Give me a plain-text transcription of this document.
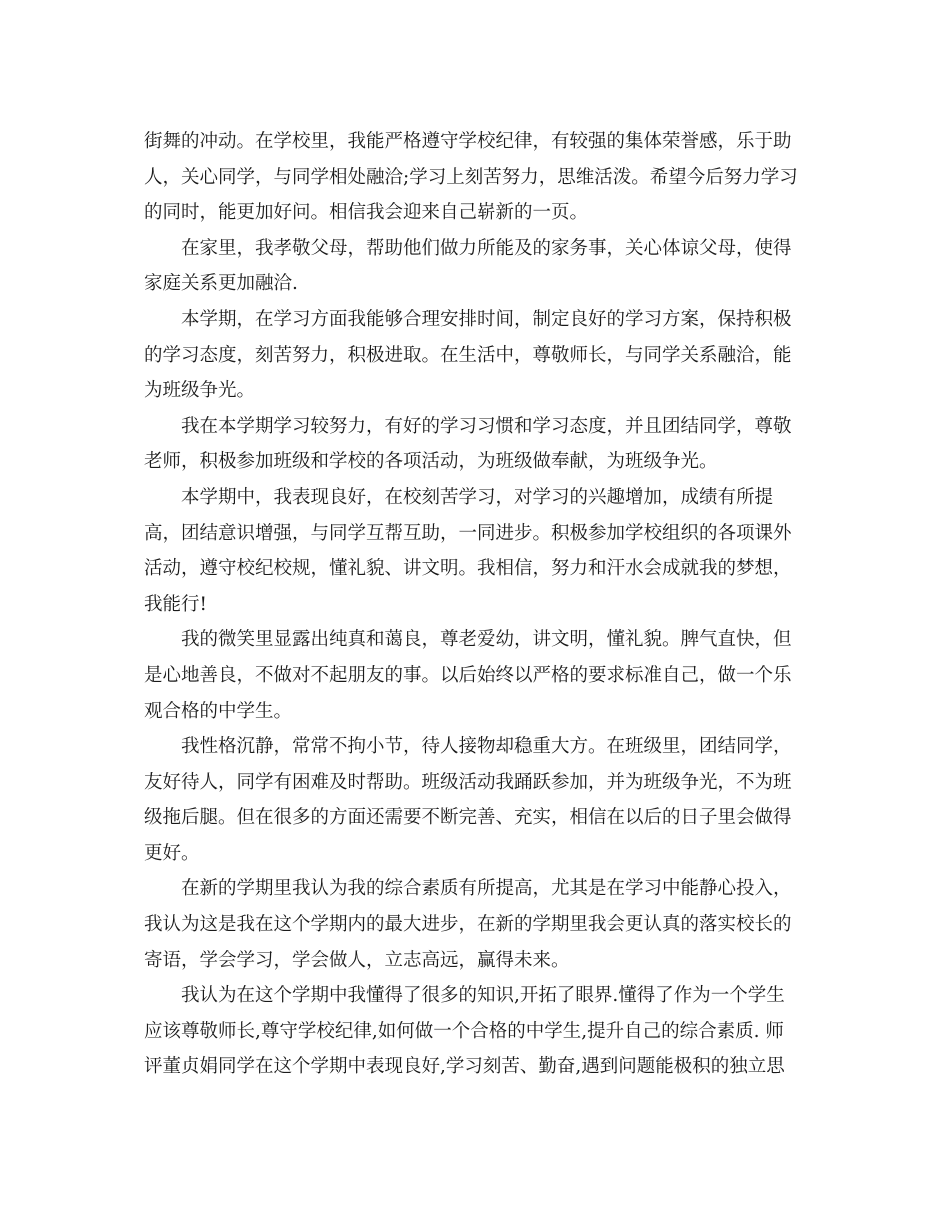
街舞的冲动。在学校里，我能严格遵守学校纪律，有较强的集体荣誉感，乐于助
人，关心同学，与同学相处融洽;学习上刻苦努力，思维活泼。希望今后努力学习
的同时，能更加好问。相信我会迎来自己崭新的一页。
在家里，我孝敬父母，帮助他们做力所能及的家务事，关心体谅父母，使得
家庭关系更加融洽.
本学期，在学习方面我能够合理安排时间，制定良好的学习方案，保持积极
的学习态度，刻苦努力，积极进取。在生活中，尊敬师长，与同学关系融洽，能
为班级争光。
我在本学期学习较努力，有好的学习习惯和学习态度，并且团结同学，尊敬
老师，积极参加班级和学校的各项活动，为班级做奉献，为班级争光。
本学期中，我表现良好，在校刻苦学习，对学习的兴趣增加，成绩有所提
高，团结意识增强，与同学互帮互助，一同进步。积极参加学校组织的各项课外
活动，遵守校纪校规，懂礼貌、讲文明。我相信，努力和汗水会成就我的梦想，
我能行!
我的微笑里显露出纯真和蔼良，尊老爱幼，讲文明，懂礼貌。脾气直快，但
是心地善良，不做对不起朋友的事。以后始终以严格的要求标准自己，做一个乐
观合格的中学生。
我性格沉静，常常不拘小节，待人接物却稳重大方。在班级里，团结同学，
友好待人，同学有困难及时帮助。班级活动我踊跃参加，并为班级争光，不为班
级拖后腿。但在很多的方面还需要不断完善、充实，相信在以后的日子里会做得
更好。
在新的学期里我认为我的综合素质有所提高，尤其是在学习中能静心投入，
我认为这是我在这个学期内的最大进步，在新的学期里我会更认真的落实校长的
寄语，学会学习，学会做人，立志高远，赢得未来。
我认为在这个学期中我懂得了很多的知识,开拓了眼界.懂得了作为一个学生
应该尊敬师长,尊守学校纪律,如何做一个合格的中学生,提升自己的综合素质. 师
评董贞娟同学在这个学期中表现良好,学习刻苦、勤奋,遇到问题能极积的独立思
